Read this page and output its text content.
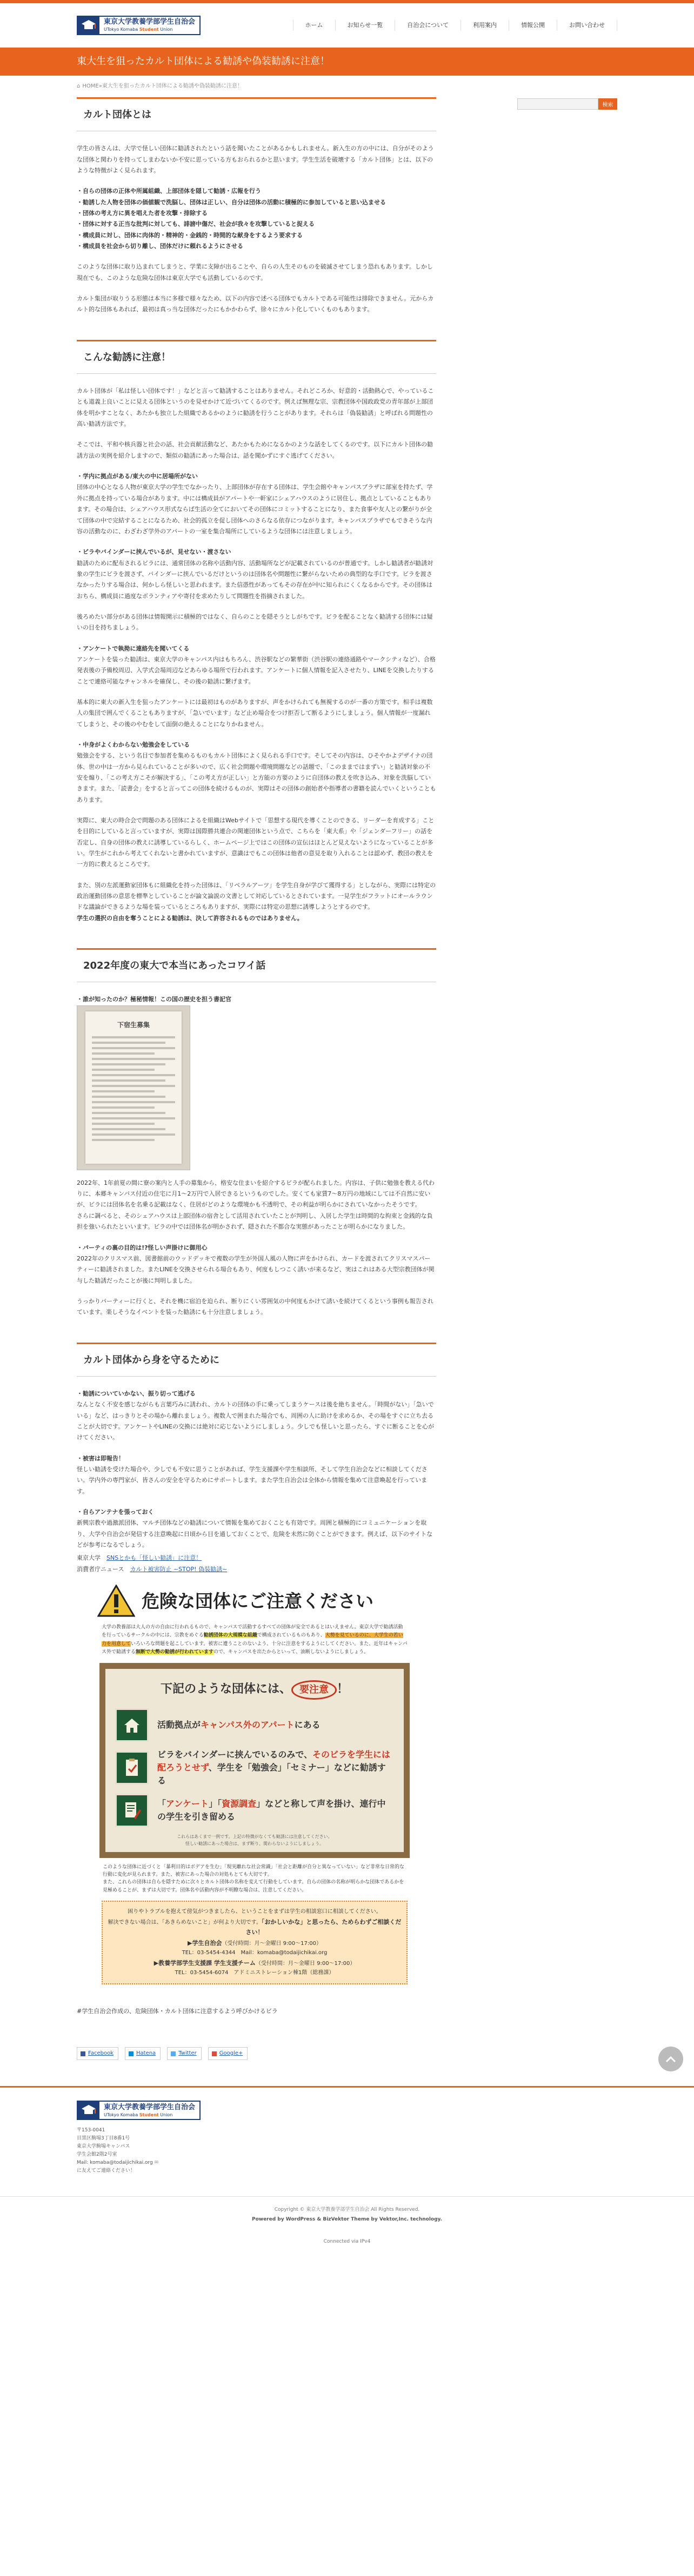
東京大学教養学部学生自治会
UTokyo Komaba Student Union
ホーム	お知らせ一覧	自治会について	利用案内	情報公開	お問い合わせ
東大生を狙ったカルト団体による勧誘や偽装勧誘に注意！
⌂ HOME » 東大生を狙ったカルト団体による勧誘や偽装勧誘に注意！
カルト団体とは

学生の皆さんは、大学で怪しい団体に勧誘されたという話を聞いたことがあるかもしれません。新入生の方の中には、自分がそのような団体と関わりを持ってしまわないか不安に思っている方もおられるかと思います。学生生活を破壊する「カルト団体」とは、以下のような特徴がよく見られます。

・自らの団体の正体や所属組織、上部団体を隠して勧誘・広報を行う
・勧誘した人物を団体の価値観で洗脳し、団体は正しい、自分は団体の活動に積極的に参加していると思い込ませる
・団体の考え方に異を唱えた者を攻撃・排除する
・団体に対する正当な批判に対しても、誹謗中傷だ、社会が我々を攻撃していると捉える
・構成員に対し、団体に肉体的・精神的・金銭的・時間的な献身をするよう要求する
・構成員を社会から切り離し、団体だけに頼れるようにさせる

このような団体に取り込まれてしまうと、学業に支障が出ることや、自らの人生そのものを破滅させてしまう恐れもあります。しかし現在でも、このような危険な団体は東京大学でも活動しているのです。

カルト集団が取りうる形態は本当に多様で様々なため、以下の内容で述べる団体でもカルトである可能性は排除できません。元からカルト的な団体もあれば、最初は真っ当な団体だったにもかかわらず、徐々にカルト化していくものもあります。

こんな勧誘に注意！

カルト団体が「私は怪しい団体です！」などと言って勧誘することはありません。それどころか、好意的・活動熱心で、やっていることも道義上良いことに見える団体というのを見せかけて近づいてくるのです。例えば無理な宗、宗教団体や国政政党の青年部が上部団体を明かすことなく、あたかも独立した組織であるかのように勧誘を行うことがあります。それらは「偽装勧誘」と呼ばれる問題性の高い勧誘方法です。

そこでは、平和や核兵器と社会の話、社会貢献活動など、あたかもためになるかのような話をしてくるのです。以下にカルト団体の勧誘方法の実例を紹介しますので、類似の勧誘にあった場合は、話を聞かずにすぐ逃げてください。

・学内に拠点がある/東大の中に居場所がない

団体の中心となる人物が東京大学の学生でなかったり、上部団体が存在する団体は、学生会館やキャンパスプラザに部室を持たず、学外に拠点を持っている場合があります。中には構成員がアパートや一軒家にシェアハウスのように居住し、拠点としていることもあります。その場合は、シェアハウス形式ならば生活の全てにおいてその団体にコミットすることになり、また食事や友人との繋がりが全て団体の中で完結することになるため、社会的孤立を促し団体へのさらなる依存につながります。キャンパスプラザでもできそうな内容の活動なのに、わざわざ学外のアパートの一室を集合場所にしているような団体には注意しましょう。

・ビラやバインダーに挟んでいるが、見せない・渡さない

勧誘のために配布されるビラには、通常団体の名称や活動内容、活動場所などが記載されているのが普通です。しかし勧誘者が勧誘対象の学生にビラを渡さず、バインダーに挟んでいるだけというのは団体名や問題性に繋がらないための典型的な手口です。ビラを渡さなかったりする場合は、何かしら怪しいと思われます。また信憑性があってもその存在が中に知られにくくなるからです。その団体はおちら、構成員に過度なボランティアや寄付を求めたりして問題性を指摘されました。

後ろめたい部分がある団体は情報開示に積極的ではなく、自らのことを隠そうとしがちです。ビラを配ることなく勧誘する団体には疑いの目を持ちましょう。

・アンケートで執拗に連絡先を聞いてくる

アンケートを装った勧誘は、東京大学のキャンパス内はもちろん、渋谷駅などの繁華街（渋谷駅の連絡通路やマークシティなど）、合格発表後の予備校周辺、入学式会場周辺などあらゆる場所で行われます。アンケートに個人情報を記入させたり、LINEを交換したりすることで連絡可能なチャンネルを確保し、その後の勧誘に繋げます。

基本的に東大の新入生を狙ったアンケートには最初はものがありますが、声をかけられても無視するのが一番の方策です。相手は複数人の集団で囲んでくることもありますが、「急いでいます」など止め場合をつけ拒否して断るようにしましょう。個人情報が一度漏れてしまうと、その後のやむをして面倒の絶えることになりかねません。

・中身がよくわからない勉強会をしている

勉強会をする、という名目で参加者を集めるものもカルト団体によく見られる手口です。そしてその内容は、ひそやかよデザイナの団体、世の中は一方から見られていることが多いので、広く社会問題や環境問題などの話題で、「このままではまずい」と勧誘対象の不安を煽り、「この考え方こそが解決する」、「この考え方が正しい」と方能の方要のように自団体の教えを吹き込み、対象を洗脳していきます。また、「読書会」をすると言ってこの団体を続けるものが、実際はその団体の創始者や指導者の書籍を読んでいくということもあります。

実際に、東大の時合会で問題のある団体によるを組織はWebサイトで「思想する現代を導くことのできる、リーダーを育成する」ことを目的にしていると言っていますが、実際は国際勝共連合の関連団体という点で、こちらを「東大系」や「ジェンダーフリー」の話を否定し、自身の団体の教えに誘導しているらしく、ホームページ上ではこの団体の宣伝はほとんど見えないようになっていることが多い。学生がこれから考えてくれないと書かれていますが、意識はでもこの団体は他者の意見を取り入れることは認めず、教団の教えを一方的に教えるところです。

また、別の左派運動家団体もに組織化を持った団体は、「リベラルアーツ」を学生自身が学びて獲得する」としながら、実際には特定の政治運動団体の意思を標準としていることが論文論説の文書として対応しているとされています。一見学生がフラットにオールラウンドな議論ができるような場を装っているところもありますが、実際には特定の思想に誘導しようとするのです。

学生の選択の自由を奪うことによる勧誘は、決して許容されるものではありません。

2022年度の東大で本当にあったコワイ話
・誰が知ったのか？極秘情報！この国の歴史を担う書記官
下宿生募集

2022年、1年前夏の間に寮の案内と人手の募集から、格安な住まいを紹介するビラが配られました。内容は、子供に勉強を教える代わりに、本郷キャンパス付近の住宅に月1～2万円で入居できるというものでした。安くても家賃7～8万円の地域にしては不自然に安いが、ビラには団体名を名乗る記載はなく、住居がどのような環境かも不透明で、その利益が明らかにされていなかったそうです。

さらに調べると、そのシェアハウスは上部団体の宿舎として活用されていたことが判明し、入居した学生は時間的な拘束と金銭的な負担を強いられたといいます。ビラの中では団体名が明かされず、隠された不都合な実態があったことが明らかになりました。

・パーティの裏の目的は!?怪しい声掛けに御用心

2022年のクリスマス前、図書館前のウッドデッキで複数の学生が外国人風の人物に声をかけられ、カードを渡されてクリスマスパーティーに勧誘されました。またLINEを交換させられる場合もあり、何度もしつこく誘いが来るなど、実はこれはある大型宗教団体が関与した勧誘だったことが後に判明しました。

うっかりパーティーに行くと、それを機に宿泊を迫られ、断りにくい雰囲気の中何度もかけて誘いを続けてくるという事例も報告されています。楽しそうなイベントを装った勧誘にも十分注意しましょう。

カルト団体から身を守るために
・勧誘についていかない、振り切って逃げる

なんとなく不安を感じながらも言葉巧みに誘われ、カルトの団体の手に乗ってしまうケースは後を絶ちません。「時間がない」「急いでいる」など、はっきりとその場から離れましょう。複数人で囲まれた場合でも、周囲の人に助けを求めるか、その場をすぐに立ち去ることが大切です。アンケートやLINEの交換には絶対に応じないようにしましょう。少しでも怪しいと思ったら、すぐに断ることを心がけてください。

・被害は即報告！

怪しい勧誘を受けた場合や、少しでも不安に思うことがあれば、学生支援課や学生相談所、そして学生自治会などに相談してください。学内外の専門家が、皆さんの安全を守るためにサポートします。また学生自治会は全体から情報を集めて注意喚起を行っています。

・自らアンテナを張っておく

新興宗教や過激派団体、マルチ団体などの勧誘について情報を集めておくことも有効です。周囲と積極的にコミュニケーションを取り、大学や自治会が発信する注意喚起に日頃から目を通しておくことで、危険を未然に防ぐことができます。例えば、以下のサイトなどが参考になるでしょう。

東京大学　 SNSとかも「怪しい勧誘」に注意！
消費者庁ニュース　 カルト被害防止 ~STOP! 偽装勧誘~
危険な団体にご注意ください
大学の教養部は大人の方の自由に行われるもので、キャンパスで活動するすべての団体が安全であるとはいえません。東京大学で勧誘活動を行っているサークルの中には、宗教をめぐる勧誘団体の大規模な組織で構成されているものもあり、大勢を見ているのに、大学生の若い力を用意していろいろな問題を起こしています。被害に遭うことのないよう、十分に注意をするようにしてください。また、近年はキャンパス外で勧誘する無断で大勢の勧誘が行われていますので、キャンパスを出たからといって、油断しないようにしましょう。
下記のような団体には、 要注意 ！
活動拠点がキャンパス外のアパートにある
ビラをバインダーに挟んでいるのみで、そのビラを学生には配ろうとせず、学生を「勉強会」「セミナー」などに勧誘する
「アンケート」「資源調査」などと称して声を掛け、連行中の学生を引き留める
これらはあくまで一例です。上記の特徴がなくても勧誘には注意してください。
怪しい勧誘にあった場合は、まず断り、関わらないようにしましょう。
このような団体に近づくと「暴利目的はボデアを生む」「現実離れな社会常識」「社会と距離が自分と異なっていない」など非常な日常的な行動に変化が見られます。また、被害にあった場合の対処もとても大切です。
また、これらの団体は自らを隠すために次々とカルト団体の名称を変えて行動をしています。自らの団体の名称が明らかな団体であるかを見極めることが、まずは大切です。団体名や活動内容が不明瞭な場合は、注意してください。
困りやトラブルを抱えて傍気がつきましたら、ということをまずは学生の相談窓口に相談してください。
解決できない場合は、「あきらめないこと」が何より大切です。「おかしいかな」と思ったら、ためらわずご相談ください！
▶学生自治会（受付時間：月～金曜日 9:00～17:00）
TEL：03-5454-4344　Mail：komaba@todaijichikai.org
▶教養学部学生支援課 学生支援チーム（受付時間：月～金曜日 9:00～17:00）
TEL：03-5454-6074　アドミニストレーション棟1階（総務課）
#学生自治会作成の、危険団体・カルト団体に注意するよう呼びかけるビラ
Facebook	Hatena	Twitter	Google+
検索
東京大学教養学部学生自治会
UTokyo Komaba Student Union
〒153-0041
目黒区駒場3丁目8番1号
東京大学駒場キャンパス
学生会館2階2号室
Mail: komaba@todaijichikai.org ✉
に友えてご連絡ください！
Copyright © 東京大学教養学部学生自治会 All Rights Reserved.
Powered by WordPress & BizVektor Theme by Vektor,Inc. technology.
Connected via IPv4
